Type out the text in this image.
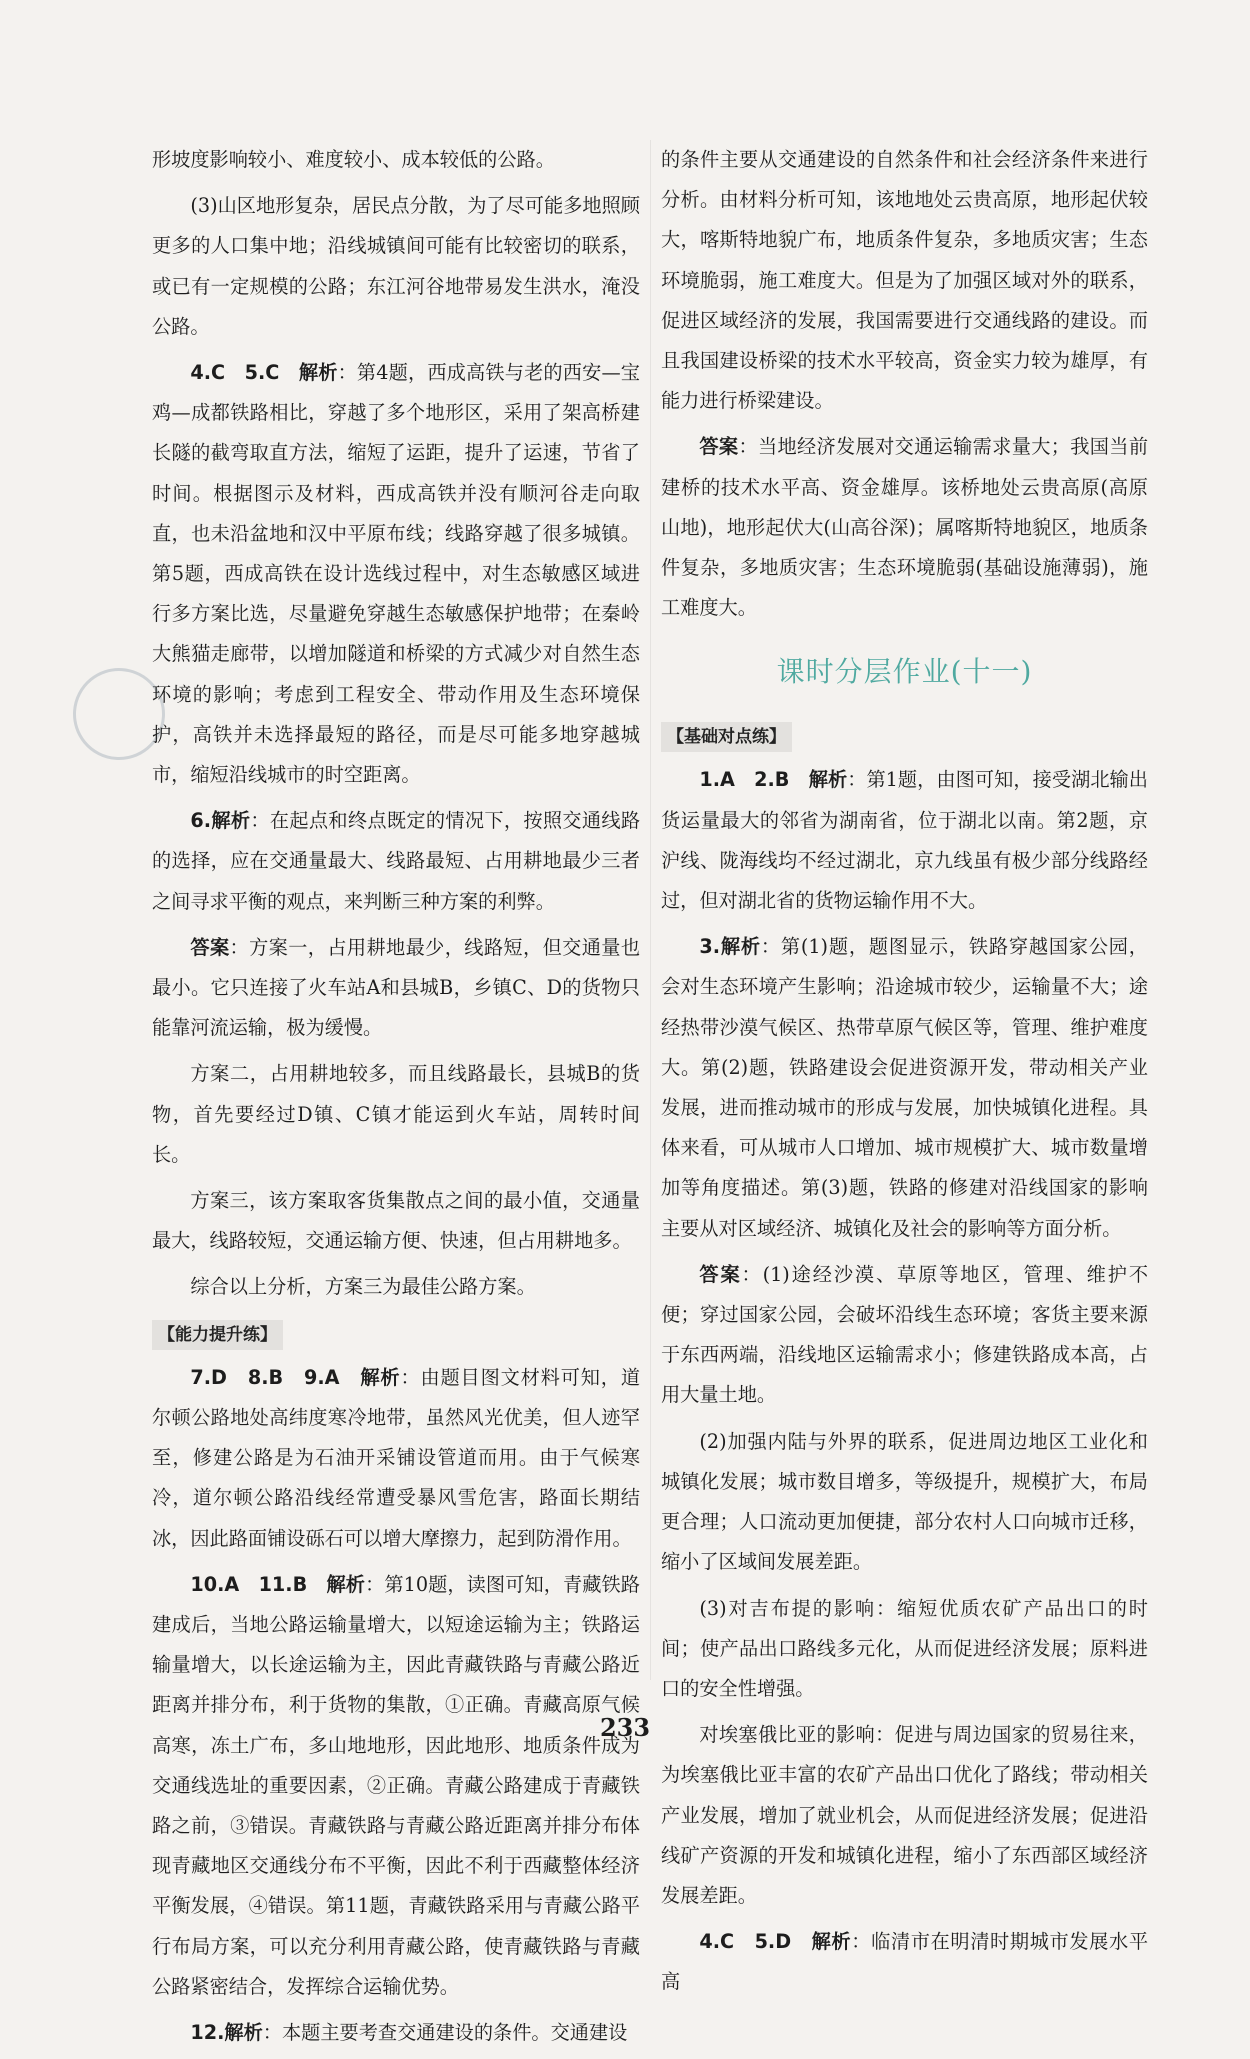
形坡度影响较小、难度较小、成本较低的公路。

(3)山区地形复杂，居民点分散，为了尽可能多地照顾更多的人口集中地；沿线城镇间可能有比较密切的联系，或已有一定规模的公路；东江河谷地带易发生洪水，淹没公路。

4.C　5.C　解析：第4题，西成高铁与老的西安—宝鸡—成都铁路相比，穿越了多个地形区，采用了架高桥建长隧的截弯取直方法，缩短了运距，提升了运速，节省了时间。根据图示及材料，西成高铁并没有顺河谷走向取直，也未沿盆地和汉中平原布线；线路穿越了很多城镇。第5题，西成高铁在设计选线过程中，对生态敏感区域进行多方案比选，尽量避免穿越生态敏感保护地带；在秦岭大熊猫走廊带，以增加隧道和桥梁的方式减少对自然生态环境的影响；考虑到工程安全、带动作用及生态环境保护，高铁并未选择最短的路径，而是尽可能多地穿越城市，缩短沿线城市的时空距离。

6.解析：在起点和终点既定的情况下，按照交通线路的选择，应在交通量最大、线路最短、占用耕地最少三者之间寻求平衡的观点，来判断三种方案的利弊。

答案：方案一，占用耕地最少，线路短，但交通量也最小。它只连接了火车站A和县城B，乡镇C、D的货物只能靠河流运输，极为缓慢。

方案二，占用耕地较多，而且线路最长，县城B的货物，首先要经过D镇、C镇才能运到火车站，周转时间长。

方案三，该方案取客货集散点之间的最小值，交通量最大，线路较短，交通运输方便、快速，但占用耕地多。

综合以上分析，方案三为最佳公路方案。

【能力提升练】

7.D　8.B　9.A　解析：由题目图文材料可知，道尔顿公路地处高纬度寒冷地带，虽然风光优美，但人迹罕至，修建公路是为石油开采铺设管道而用。由于气候寒冷，道尔顿公路沿线经常遭受暴风雪危害，路面长期结冰，因此路面铺设砾石可以增大摩擦力，起到防滑作用。

10.A　11.B　解析：第10题，读图可知，青藏铁路建成后，当地公路运输量增大，以短途运输为主；铁路运输量增大，以长途运输为主，因此青藏铁路与青藏公路近距离并排分布，利于货物的集散，①正确。青藏高原气候高寒，冻土广布，多山地地形，因此地形、地质条件成为交通线选址的重要因素，②正确。青藏公路建成于青藏铁路之前，③错误。青藏铁路与青藏公路近距离并排分布体现青藏地区交通线分布不平衡，因此不利于西藏整体经济平衡发展，④错误。第11题，青藏铁路采用与青藏公路平行布局方案，可以充分利用青藏公路，使青藏铁路与青藏公路紧密结合，发挥综合运输优势。

12.解析：本题主要考查交通建设的条件。交通建设

的条件主要从交通建设的自然条件和社会经济条件来进行分析。由材料分析可知，该地地处云贵高原，地形起伏较大，喀斯特地貌广布，地质条件复杂，多地质灾害；生态环境脆弱，施工难度大。但是为了加强区域对外的联系，促进区域经济的发展，我国需要进行交通线路的建设。而且我国建设桥梁的技术水平较高，资金实力较为雄厚，有能力进行桥梁建设。

答案：当地经济发展对交通运输需求量大；我国当前建桥的技术水平高、资金雄厚。该桥地处云贵高原(高原山地)，地形起伏大(山高谷深)；属喀斯特地貌区，地质条件复杂，多地质灾害；生态环境脆弱(基础设施薄弱)，施工难度大。

课时分层作业(十一)
【基础对点练】

1.A　2.B　解析：第1题，由图可知，接受湖北输出货运量最大的邻省为湖南省，位于湖北以南。第2题，京沪线、陇海线均不经过湖北，京九线虽有极少部分线路经过，但对湖北省的货物运输作用不大。

3.解析：第(1)题，题图显示，铁路穿越国家公园，会对生态环境产生影响；沿途城市较少，运输量不大；途经热带沙漠气候区、热带草原气候区等，管理、维护难度大。第(2)题，铁路建设会促进资源开发，带动相关产业发展，进而推动城市的形成与发展，加快城镇化进程。具体来看，可从城市人口增加、城市规模扩大、城市数量增加等角度描述。第(3)题，铁路的修建对沿线国家的影响主要从对区域经济、城镇化及社会的影响等方面分析。

答案：(1)途经沙漠、草原等地区，管理、维护不便；穿过国家公园，会破坏沿线生态环境；客货主要来源于东西两端，沿线地区运输需求小；修建铁路成本高，占用大量土地。

(2)加强内陆与外界的联系，促进周边地区工业化和城镇化发展；城市数目增多，等级提升，规模扩大，布局更合理；人口流动更加便捷，部分农村人口向城市迁移，缩小了区域间发展差距。

(3)对吉布提的影响：缩短优质农矿产品出口的时间；使产品出口路线多元化，从而促进经济发展；原料进口的安全性增强。

对埃塞俄比亚的影响：促进与周边国家的贸易往来，为埃塞俄比亚丰富的农矿产品出口优化了路线；带动相关产业发展，增加了就业机会，从而促进经济发展；促进沿线矿产资源的开发和城镇化进程，缩小了东西部区域经济发展差距。

4.C　5.D　解析：临清市在明清时期城市发展水平高

233
